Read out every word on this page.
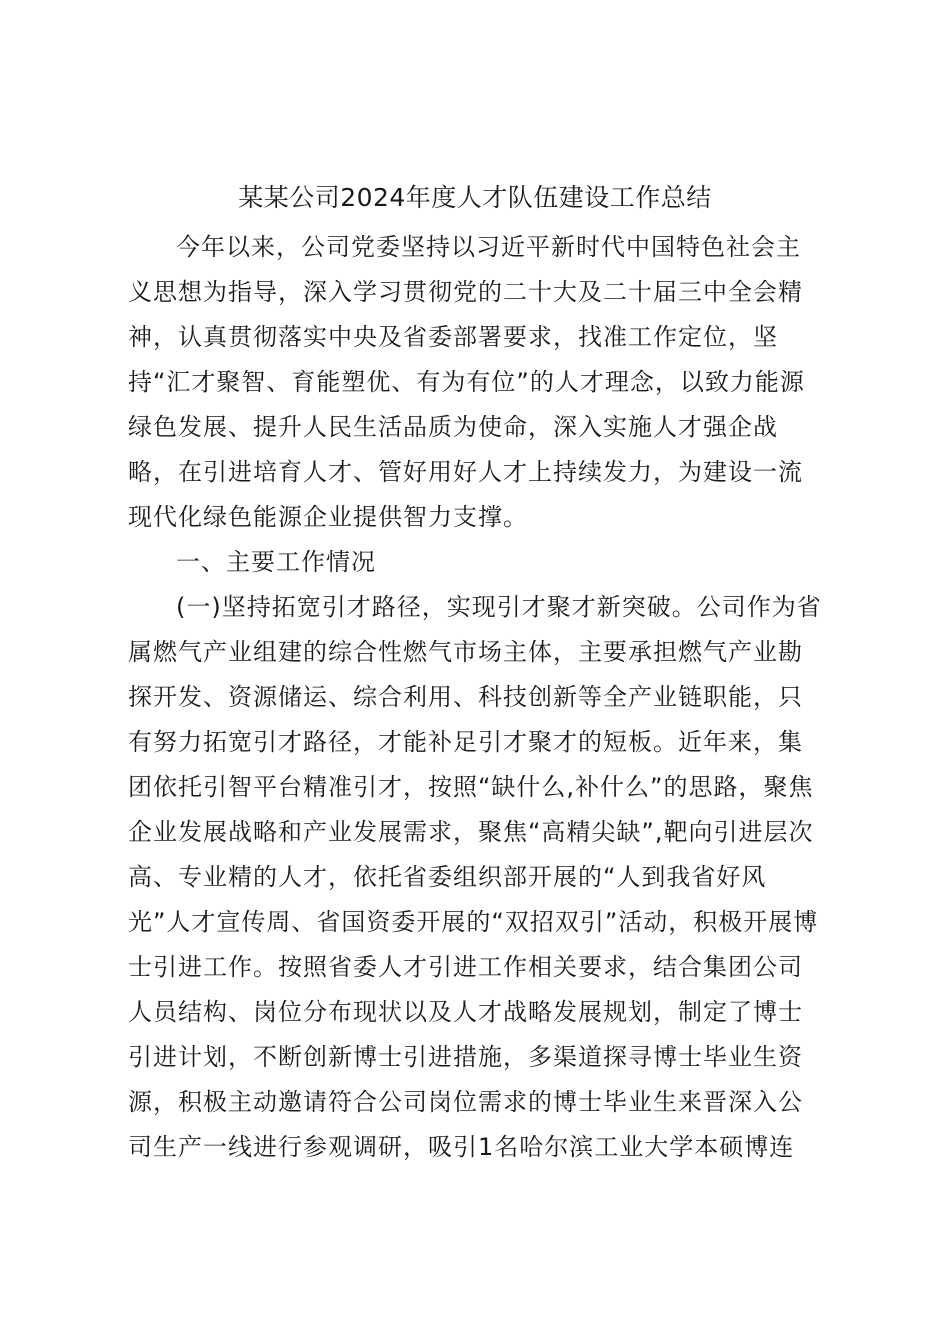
某某公司2024年度人才队伍建设工作总结
今年以来，公司党委坚持以习近平新时代中国特色社会主
义思想为指导，深入学习贯彻党的二十大及二十届三中全会精
神，认真贯彻落实中央及省委部署要求，找准工作定位，坚
持“汇才聚智、育能塑优、有为有位”的人才理念，以致力能源
绿色发展、提升人民生活品质为使命，深入实施人才强企战
略，在引进培育人才、管好用好人才上持续发力，为建设一流
现代化绿色能源企业提供智力支撑。
一、主要工作情况
(一)坚持拓宽引才路径，实现引才聚才新突破。公司作为省
属燃气产业组建的综合性燃气市场主体，主要承担燃气产业勘
探开发、资源储运、综合利用、科技创新等全产业链职能，只
有努力拓宽引才路径，才能补足引才聚才的短板。近年来，集
团依托引智平台精准引才，按照“缺什么,补什么”的思路，聚焦
企业发展战略和产业发展需求，聚焦“高精尖缺”,靶向引进层次
高、专业精的人才，依托省委组织部开展的“人到我省好风
光”人才宣传周、省国资委开展的“双招双引”活动，积极开展博
士引进工作。按照省委人才引进工作相关要求，结合集团公司
人员结构、岗位分布现状以及人才战略发展规划，制定了博士
引进计划，不断创新博士引进措施，多渠道探寻博士毕业生资
源，积极主动邀请符合公司岗位需求的博士毕业生来晋深入公
司生产一线进行参观调研，吸引1名哈尔滨工业大学本硕博连
